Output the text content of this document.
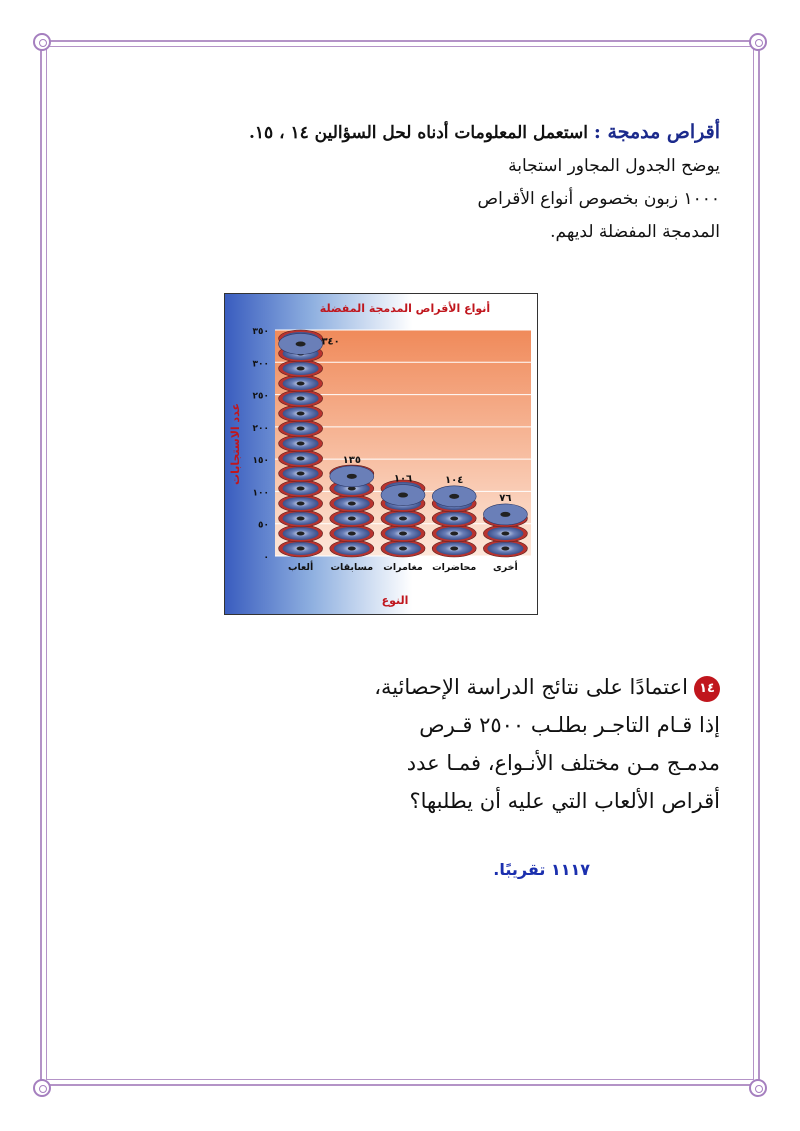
أقراص مدمجة : استعمل المعلومات أدناه لحل السؤالين ١٤ ، ١٥.
يوضح الجدول المجاور استجابة
١٠٠٠ زبون بخصوص أنواع الأقراص
المدمجة المفضلة لديهم.
٠
٥٠
١٠٠
١٥٠
٢٠٠
٢٥٠
٣٠٠
٣٥٠
٣٤٠
١٣٥
١٠٦	١٠٤
٧٦
ألعاب مسابقات مغامرات محاضرات أخرى
أنواع الأقراص المدمجة المفضلة
النوع
عدد الاستجابات
١٤اعتمادًا على نتائج الدراسة الإحصائية،
إذا قـام التاجـر بطلـب ٢٥٠٠ قـرص
مدمـج مـن مختلف الأنـواع، فمـا عدد
أقراص الألعاب التي عليه أن يطلبها؟
١١١٧ تقريبًا.
